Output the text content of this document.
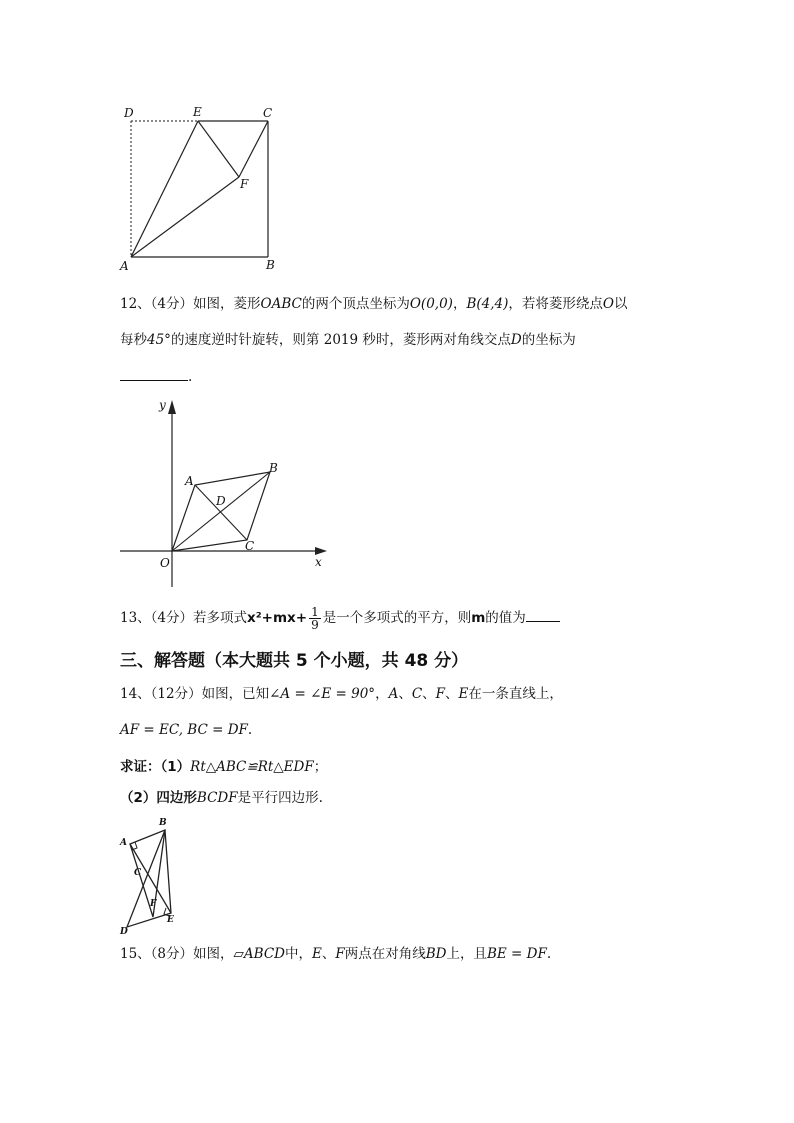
D	E	C
F
A	B
12、（4分）如图，菱形OABC的两个顶点坐标为O(0,0)，B(4,4)，若将菱形绕点O以
每秒45°的速度逆时针旋转，则第 2019 秒时，菱形两对角线交点D的坐标为
.
y
x
O
A
B
C
D
13、（4分）若多项式$x^2+mx+ \frac{1}{9}$ 是一个多项式的平方，则m的值为
三、解答题（本大题共 5 个小题，共 48 分）
14、（12分）如图，已知∠A = ∠E = 90°，A、C、F、E在一条直线上，
AF = EC, BC = DF.
求证：（1）Rt△ABC≌Rt△EDF；
（2）四边形BCDF是平行四边形.
A
B
C
F
D
E
15、（8分）如图，▱ABCD中，E、F两点在对角线BD上，且BE = DF.
